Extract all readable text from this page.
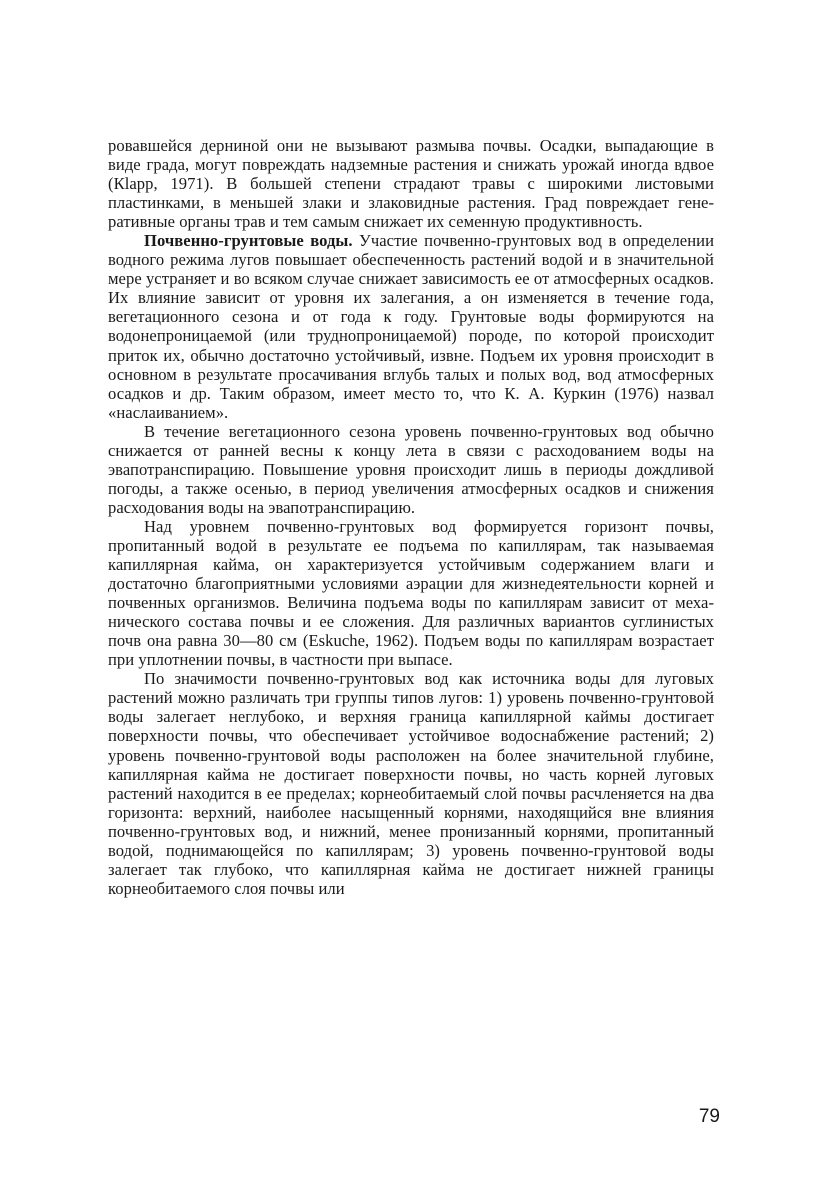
ровавшейся дерниной они не вызывают размыва почвы. Осадки, выпадающие в виде града, могут повреждать надземные растения и снижать урожай иногда вдвое (Кlapp, 1971). В большей степени страдают травы с широкими листовыми пластинками, в меньшей злаки и злаковидные растения. Град повреждает генеративные органы трав и тем самым снижает их семенную продуктивность.

Почвенно-грунтовые воды. Участие почвенно-грунтовых вод в определении водного режима лугов повышает обеспеченность растений водой и в значительной мере устраняет и во всяком случае снижает зависимость ее от атмосферных осадков. Их влияние зависит от уровня их залегания, а он изменяется в течение года, вегетационного сезона и от года к году. Грунтовые воды формируются на водонепроницаемой (или труднопроницаемой) породе, по которой происходит приток их, обычно достаточно устойчивый, извне. Подъем их уровня происходит в основном в результате просачивания вглубь талых и полых вод, вод атмосферных осадков и др. Таким образом, имеет место то, что К. А. Куркин (1976) назвал «наслаиванием».

В течение вегетационного сезона уровень почвенно-грунтовых вод обычно снижается от ранней весны к концу лета в связи с расходованием воды на эвапотранспирацию. Повышение уровня происходит лишь в периоды дождливой погоды, а также осенью, в период увеличения атмосферных осадков и снижения расходования воды на эвапотранспирацию.

Над уровнем почвенно-грунтовых вод формируется горизонт почвы, пропитанный водой в результате ее подъема по капиллярам, так называемая капиллярная кайма, он характеризуется устойчивым содержанием влаги и достаточно благоприятными условиями аэрации для жизнедеятельности корней и почвенных организмов. Величина подъема воды по капиллярам зависит от механического состава почвы и ее сложения. Для различных вариантов суглинистых почв она равна 30—80 см (Eskuche, 1962). Подъем воды по капиллярам возрастает при уплотнении почвы, в частности при выпасе.

По значимости почвенно-грунтовых вод как источника воды для луговых растений можно различать три группы типов лугов: 1) уровень почвенно-грунтовой воды залегает неглубоко, и верхняя граница капиллярной каймы достигает поверхности почвы, что обеспечивает устойчивое водоснабжение растений; 2) уровень почвенно-грунтовой воды расположен на более значительной глубине, капиллярная кайма не достигает поверхности почвы, но часть корней луговых растений находится в ее пределах; корнеобитаемый слой почвы расчленяется на два горизонта: верхний, наиболее насыщенный корнями, находящийся вне влияния почвенно-грунтовых вод, и нижний, менее пронизанный корнями, пропитанный водой, поднимающейся по капиллярам; 3) уровень почвенно-грунтовой воды залегает так глубоко, что капиллярная кайма не достигает нижней границы корнеобитаемого слоя почвы или

79
